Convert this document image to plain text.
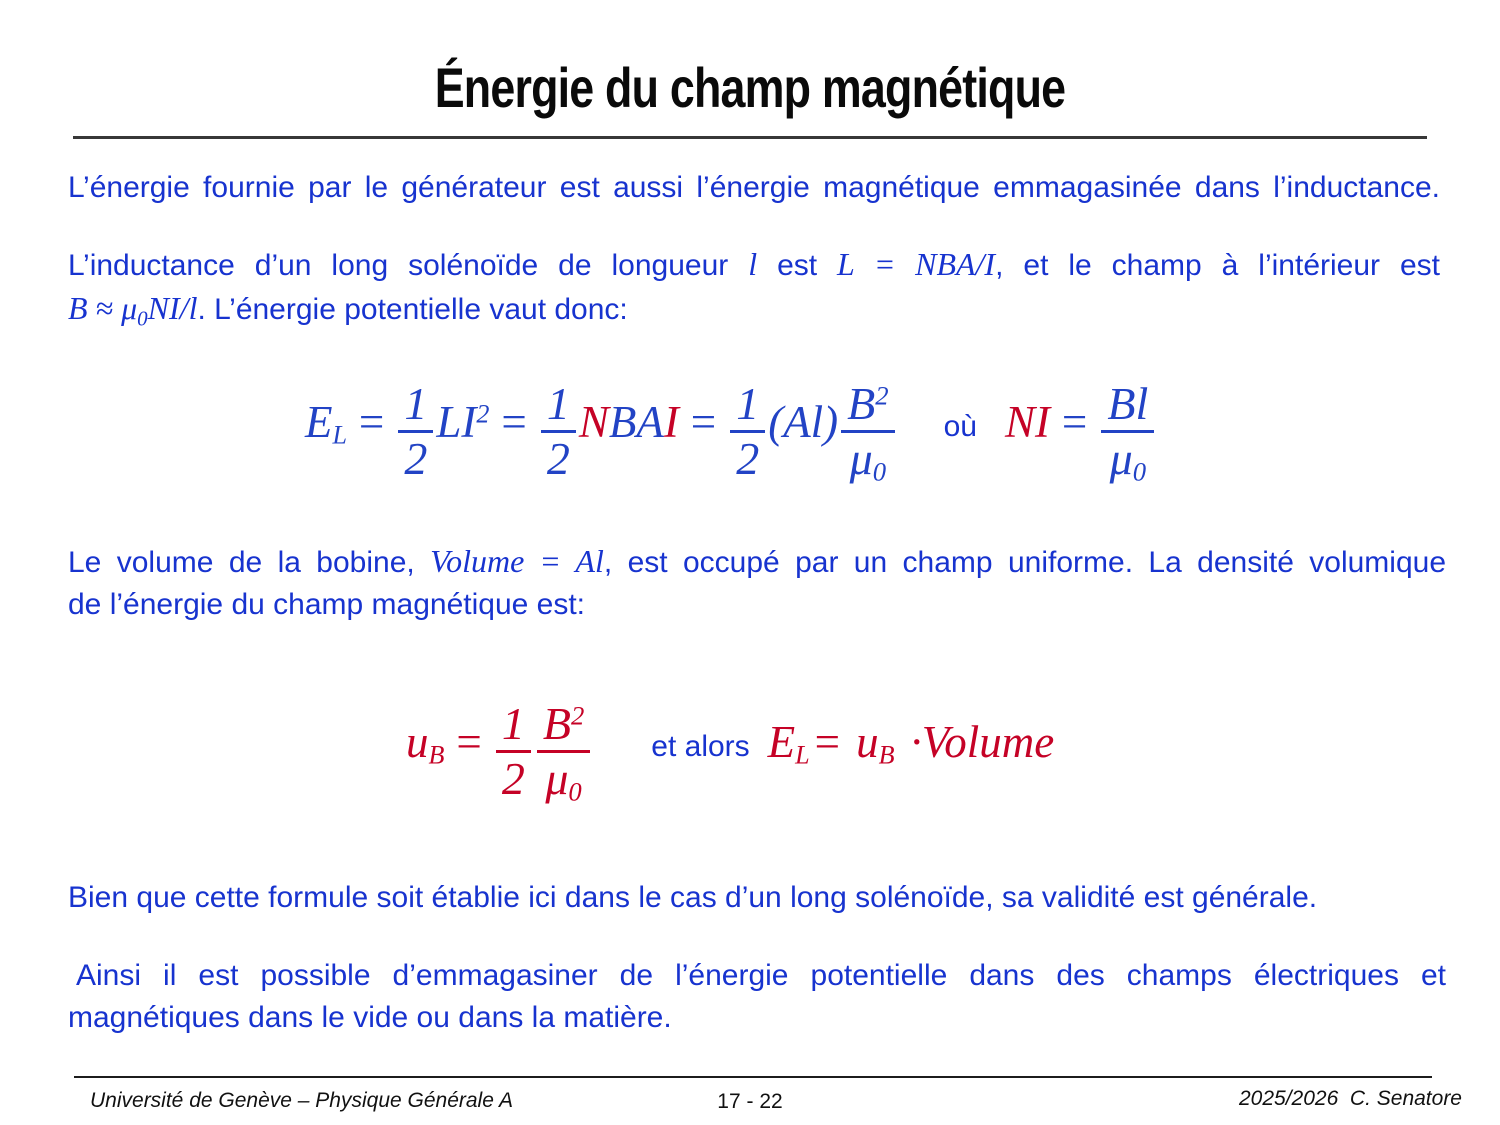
Énergie du champ magnétique
L’énergie fournie par le générateur est aussi l’énergie magnétique emmagasinée dans l’inductance.
L’inductance d’un long solénoïde de longueur l est L = NBA/I, et le champ à l’intérieur est
$B \approx \mu_0NI/l$. L’énergie potentielle vaut donc:
$E_L = \frac{1}{2} LI^2 = \frac{1}{2}$ NBAI = $\frac{1}{2} (Al) \frac{B^2}{\mu_0}$ où NI = $\frac{Bl}{\mu_0}$
Le volume de la bobine, Volume = Al, est occupé par un champ uniforme. La densité volumique
de l’énergie du champ magnétique est:
$u_B = \frac{1}{2} \frac{B^2}{\mu_0}$ et alors $E_L = u_B$ ·Volume
Bien que cette formule soit établie ici dans le cas d’un long solénoïde, sa validité est générale.
Ainsi il est possible d’emmagasiner de l’énergie potentielle dans des champs électriques et
magnétiques dans le vide ou dans la matière.
Université de Genève – Physique Générale A	17 - 22	2025/2026  C. Senatore
